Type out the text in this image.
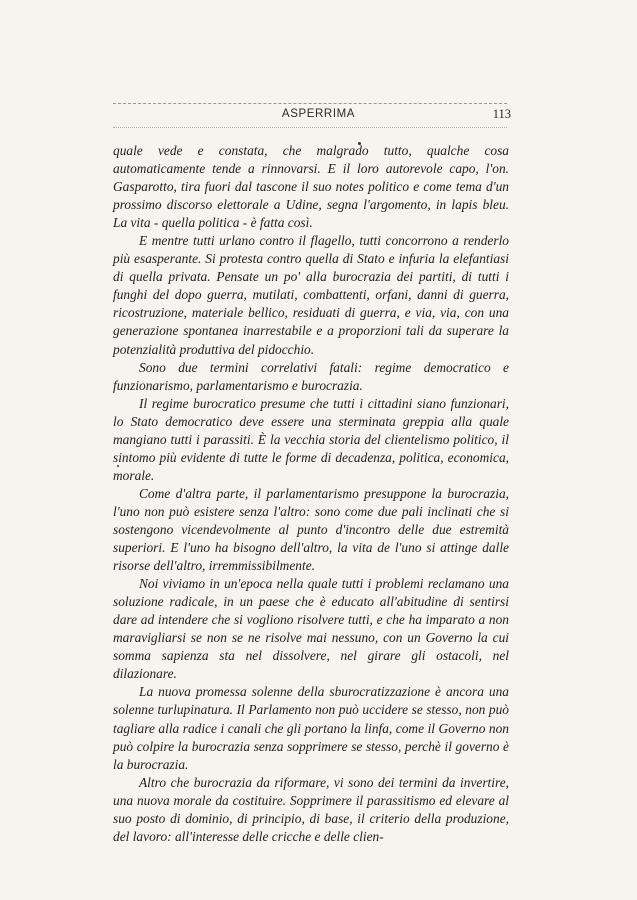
ASPERRIMA	113

quale vede e constata, che malgrado tutto, qualche cosa automaticamente tende a rinnovarsi. E il loro autorevole capo, l'on. Gasparotto, tira fuori dal tascone il suo notes politico e come tema d'un prossimo discorso elettorale a Udine, segna l'argomento, in lapis bleu. La vita - quella politica - è fatta così.

E mentre tutti urlano contro il flagello, tutti concorrono a renderlo più esasperante. Si protesta contro quella di Stato e infuria la elefantiasi di quella privata. Pensate un po' alla burocrazia dei partiti, di tutti i funghi del dopo guerra, mutilati, combattenti, orfani, danni di guerra, ricostruzione, materiale bellico, residuati di guerra, e via, via, con una generazione spontanea inarrestabile e a proporzioni tali da superare la potenzialità produttiva del pidocchio.

Sono due termini correlativi fatali: regime democratico e funzionarismo, parlamentarismo e burocrazia.

Il regime burocratico presume che tutti i cittadini siano funzionari, lo Stato democratico deve essere una sterminata greppia alla quale mangiano tutti i parassiti. È la vecchia storia del clientelismo politico, il sintomo più evidente di tutte le forme di decadenza, politica, economica, morale.

Come d'altra parte, il parlamentarismo presuppone la burocrazia, l'uno non può esistere senza l'altro: sono come due pali inclinati che si sostengono vicendevolmente al punto d'incontro delle due estremità superiori. E l'uno ha bisogno dell'altro, la vita de l'uno si attinge dalle risorse dell'altro, irremmissibilmente.

Noi viviamo in un'epoca nella quale tutti i problemi reclamano una soluzione radicale, in un paese che è educato all'abitudine di sentirsi dare ad intendere che si vogliono risolvere tutti, e che ha imparato a non maravigliarsi se non se ne risolve mai nessuno, con un Governo la cui somma sapienza sta nel dissolvere, nel girare gli ostacoli, nel dilazionare.

La nuova promessa solenne della sburocratizzazione è ancora una solenne turlupinatura. Il Parlamento non può uccidere se stesso, non può tagliare alla radice i canali che gli portano la linfa, come il Governo non può colpire la burocrazia senza sopprimere se stesso, perchè il governo è la burocrazia.

Altro che burocrazia da riformare, vi sono dei termini da invertire, una nuova morale da costituire. Sopprimere il parassitismo ed elevare al suo posto di dominio, di principio, di base, il criterio della produzione, del lavoro: all'interesse delle cricche e delle clien-
